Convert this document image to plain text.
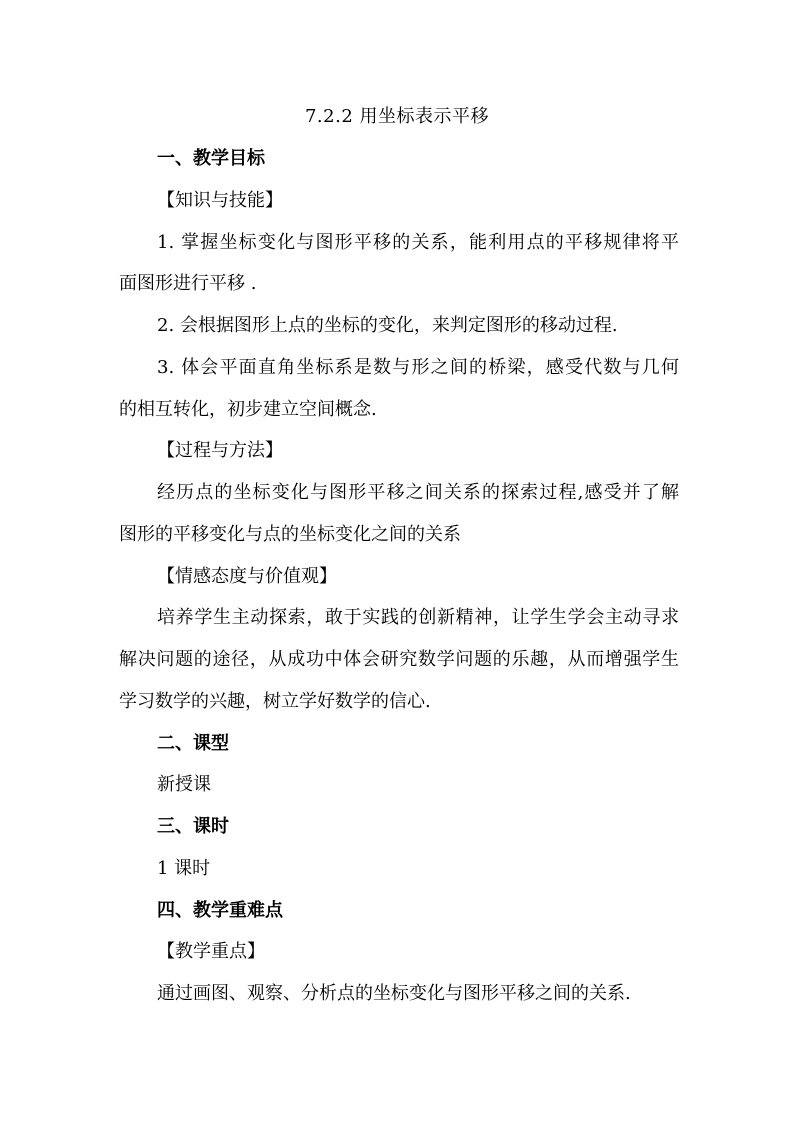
7.2.2 用坐标表示平移
一、教学目标
【知识与技能】
1. 掌握坐标变化与图形平移的关系，能利用点的平移规律将平
面图形进行平移 .
2. 会根据图形上点的坐标的变化，来判定图形的移动过程.
3. 体会平面直角坐标系是数与形之间的桥梁，感受代数与几何
的相互转化，初步建立空间概念.
【过程与方法】
经历点的坐标变化与图形平移之间关系的探索过程,感受并了解
图形的平移变化与点的坐标变化之间的关系
【情感态度与价值观】
培养学生主动探索，敢于实践的创新精神，让学生学会主动寻求
解决问题的途径，从成功中体会研究数学问题的乐趣，从而增强学生
学习数学的兴趣，树立学好数学的信心.
二、课型
新授课
三、课时
1 课时
四、教学重难点
【教学重点】
通过画图、观察、分析点的坐标变化与图形平移之间的关系.
